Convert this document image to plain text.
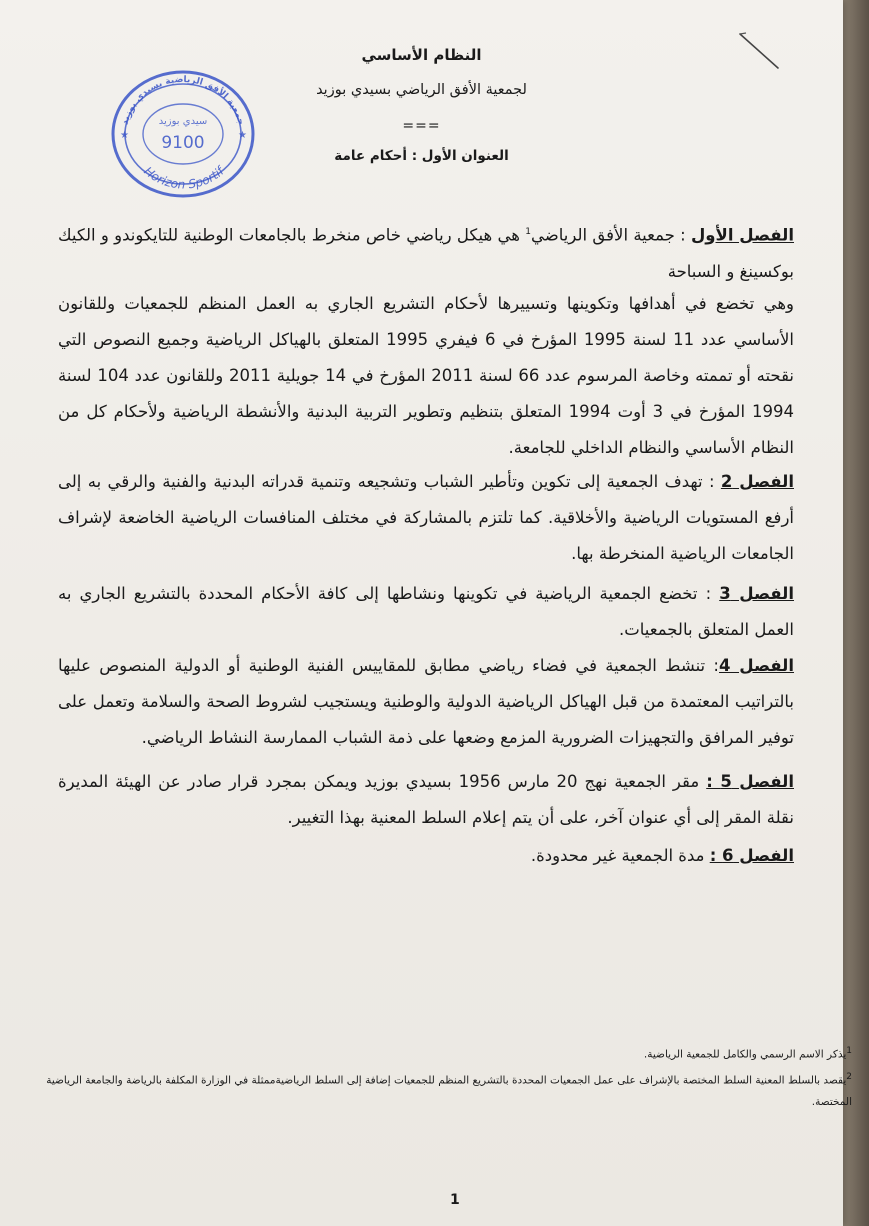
جمعية الأفق الرياضية بسيدي بوزيد
سيدي بوزيد
9100
Horizon Sportif
★	★
النظام الأساسي
لجمعية الأفق الرياضي بسيدي بوزيد
===
العنوان الأول : أحكام عامة
الفصل الأول : جمعية الأفق الرياضي$^1$ هي هيكل رياضي خاص منخرط بالجامعات الوطنية للتايكوندو و الكيك بوكسينغ و السباحة
وهي تخضع في أهدافها وتكوينها وتسييرها لأحكام التشريع الجاري به العمل المنظم للجمعيات وللقانون الأساسي عدد 11 لسنة 1995 المؤرخ في 6 فيفري 1995 المتعلق بالهياكل الرياضية وجميع النصوص التي نقحته أو تممته وخاصة المرسوم عدد 66 لسنة 2011 المؤرخ في 14 جويلية 2011 وللقانون عدد 104 لسنة 1994 المؤرخ في 3 أوت 1994 المتعلق بتنظيم وتطوير التربية البدنية والأنشطة الرياضية ولأحكام كل من النظام الأساسي والنظام الداخلي للجامعة.
الفصل 2 : تهدف الجمعية إلى تكوين وتأطير الشباب وتشجيعه وتنمية قدراته البدنية والفنية والرقي به إلى أرفع المستويات الرياضية والأخلاقية. كما تلتزم بالمشاركة في مختلف المنافسات الرياضية الخاضعة لإشراف الجامعات الرياضية المنخرطة بها.
الفصل 3 : تخضع الجمعية الرياضية في تكوينها ونشاطها إلى كافة الأحكام المحددة بالتشريع الجاري به العمل المتعلق بالجمعيات.
الفصل 4: تنشط الجمعية في فضاء رياضي مطابق للمقاييس الفنية الوطنية أو الدولية المنصوص عليها بالتراتيب المعتمدة من قبل الهياكل الرياضية الدولية والوطنية ويستجيب لشروط الصحة والسلامة وتعمل على توفير المرافق والتجهيزات الضرورية المزمع وضعها على ذمة الشباب الممارسة النشاط الرياضي.
الفصل 5 : مقر الجمعية نهج 20 مارس 1956 بسيدي بوزيد ويمكن بمجرد قرار صادر عن الهيئة المديرة نقلة المقر إلى أي عنوان آخر، على أن يتم إعلام السلط المعنية بهذا التغيير.
الفصل 6 : مدة الجمعية غير محدودة.
1يذكر الاسم الرسمي والكامل للجمعية الرياضية.
2يقصد بالسلط المعنية السلط المختصة بالإشراف على عمل الجمعيات المحددة بالتشريع المنظم للجمعيات إضافة إلى السلط الرياضيةممثلة في الوزارة المكلفة بالرياضة والجامعة الرياضية المختصة.
1
